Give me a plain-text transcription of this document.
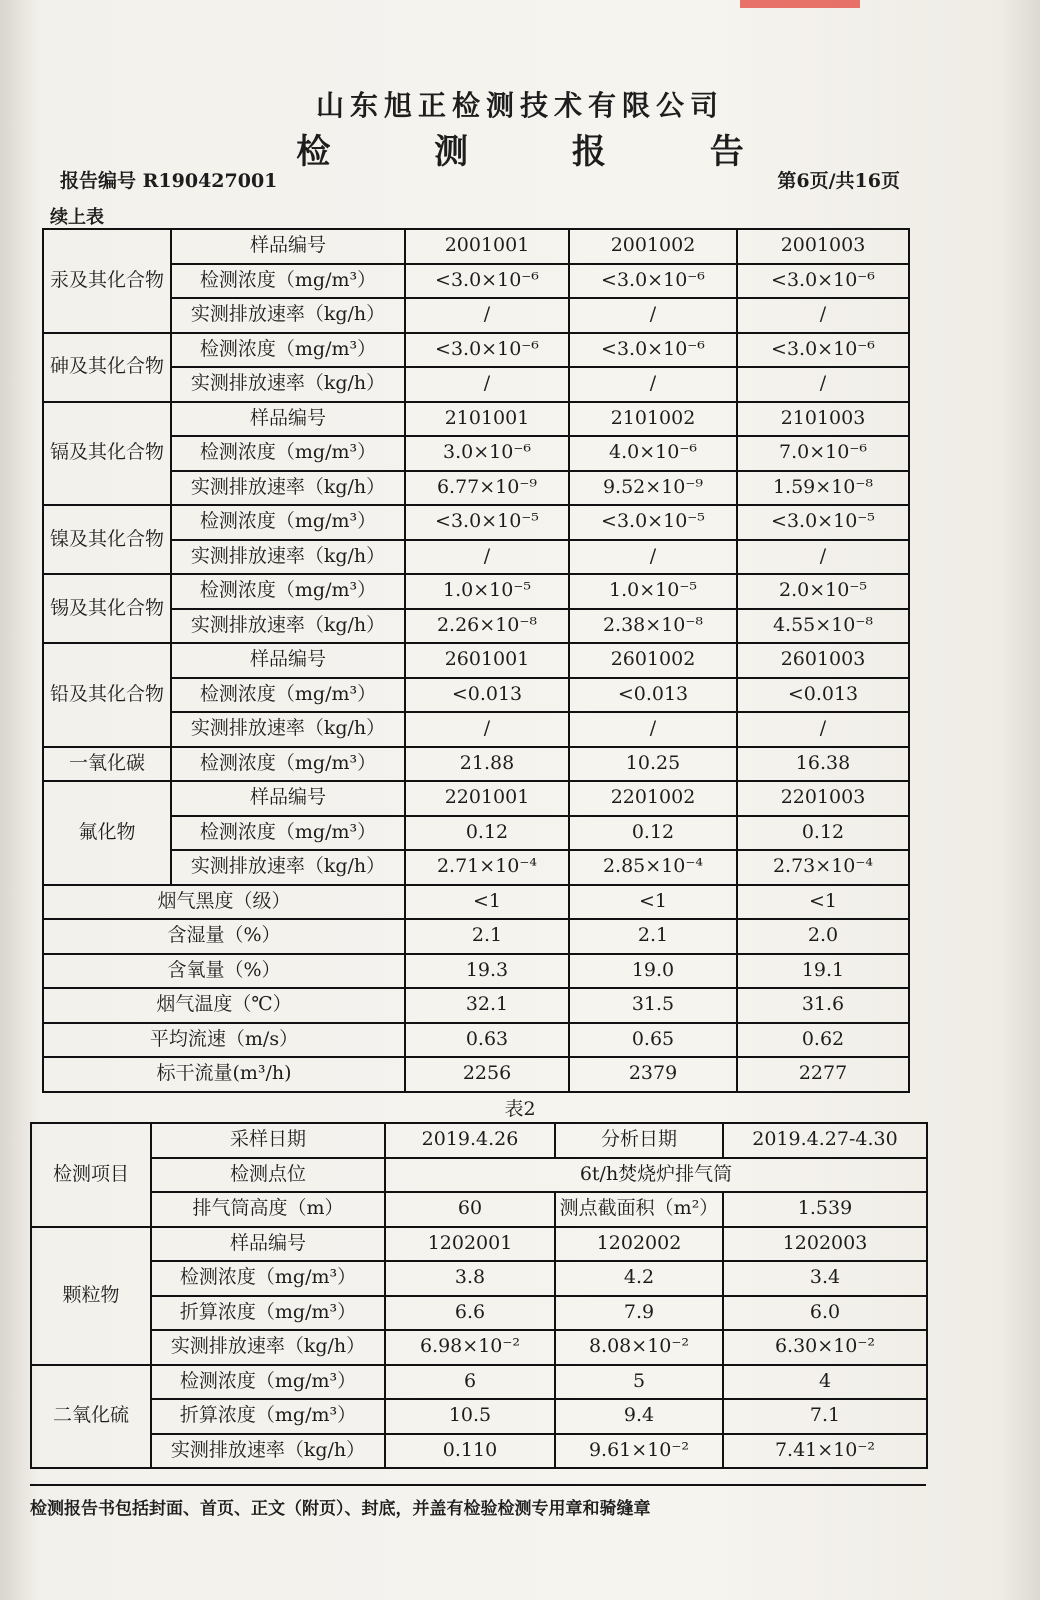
山东旭正检测技术有限公司
检 测 报 告
报告编号 R190427001	第6页/共16页
续上表
汞及其化合物	样品编号	2001001	2001002	2001003
	检测浓度（mg/m³）	<3.0×10⁻⁶	<3.0×10⁻⁶	<3.0×10⁻⁶
	实测排放速率（kg/h）	/	/	/
砷及其化合物	检测浓度（mg/m³）	<3.0×10⁻⁶	<3.0×10⁻⁶	<3.0×10⁻⁶
	实测排放速率（kg/h）	/	/	/
镉及其化合物	样品编号	2101001	2101002	2101003
	检测浓度（mg/m³）	3.0×10⁻⁶	4.0×10⁻⁶	7.0×10⁻⁶
	实测排放速率（kg/h）	6.77×10⁻⁹	9.52×10⁻⁹	1.59×10⁻⁸
镍及其化合物	检测浓度（mg/m³）	<3.0×10⁻⁵	<3.0×10⁻⁵	<3.0×10⁻⁵
	实测排放速率（kg/h）	/	/	/
锡及其化合物	检测浓度（mg/m³）	1.0×10⁻⁵	1.0×10⁻⁵	2.0×10⁻⁵
	实测排放速率（kg/h）	2.26×10⁻⁸	2.38×10⁻⁸	4.55×10⁻⁸
铅及其化合物	样品编号	2601001	2601002	2601003
	检测浓度（mg/m³）	<0.013	<0.013	<0.013
	实测排放速率（kg/h）	/	/	/
一氧化碳	检测浓度（mg/m³）	21.88	10.25	16.38
氟化物	样品编号	2201001	2201002	2201003
	检测浓度（mg/m³）	0.12	0.12	0.12
	实测排放速率（kg/h）	2.71×10⁻⁴	2.85×10⁻⁴	2.73×10⁻⁴
烟气黑度（级）		<1	<1	<1
含湿量（%）		2.1	2.1	2.0
含氧量（%）		19.3	19.0	19.1
烟气温度（℃）		32.1	31.5	31.6
平均流速（m/s）		0.63	0.65	0.62
标干流量(m³/h)		2256	2379	2277
表2
检测项目	采样日期	2019.4.26	分析日期	2019.4.27-4.30
	检测点位	6t/h焚烧炉排气筒		
	排气筒高度（m）	60	测点截面积（m²）	1.539
颗粒物	样品编号	1202001	1202002	1202003
	检测浓度（mg/m³）	3.8	4.2	3.4
	折算浓度（mg/m³）	6.6	7.9	6.0
	实测排放速率（kg/h）	6.98×10⁻²	8.08×10⁻²	6.30×10⁻²
二氧化硫	检测浓度（mg/m³）	6	5	4
	折算浓度（mg/m³）	10.5	9.4	7.1
	实测排放速率（kg/h）	0.110	9.61×10⁻²	7.41×10⁻²
检测报告书包括封面、首页、正文（附页）、封底，并盖有检验检测专用章和骑缝章
